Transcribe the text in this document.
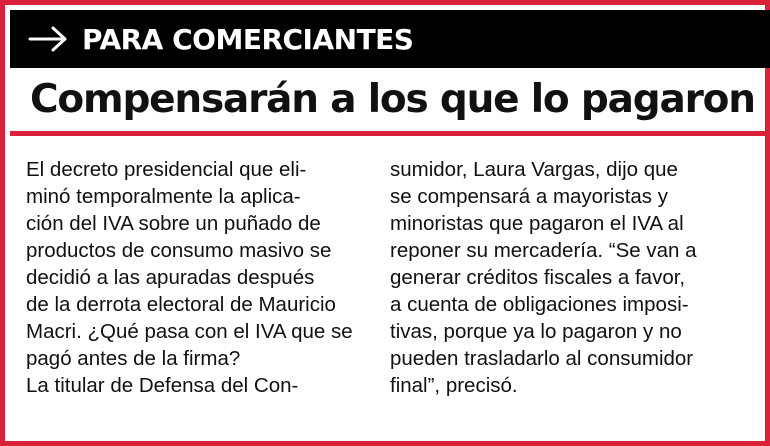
PARA COMERCIANTES
Compensarán a los que lo pagaron
El decreto presidencial que eli-
minó temporalmente la aplica-
ción del IVA sobre un puñado de
productos de consumo masivo se
decidió a las apuradas después
de la derrota electoral de Mauricio
Macri. ¿Qué pasa con el IVA que se
pagó antes de la firma?
La titular de Defensa del Con-
sumidor, Laura Vargas, dijo que
se compensará a mayoristas y
minoristas que pagaron el IVA al
reponer su mercadería. “Se van a
generar créditos fiscales a favor,
a cuenta de obligaciones imposi-
tivas, porque ya lo pagaron y no
pueden trasladarlo al consumidor
final”, precisó.
